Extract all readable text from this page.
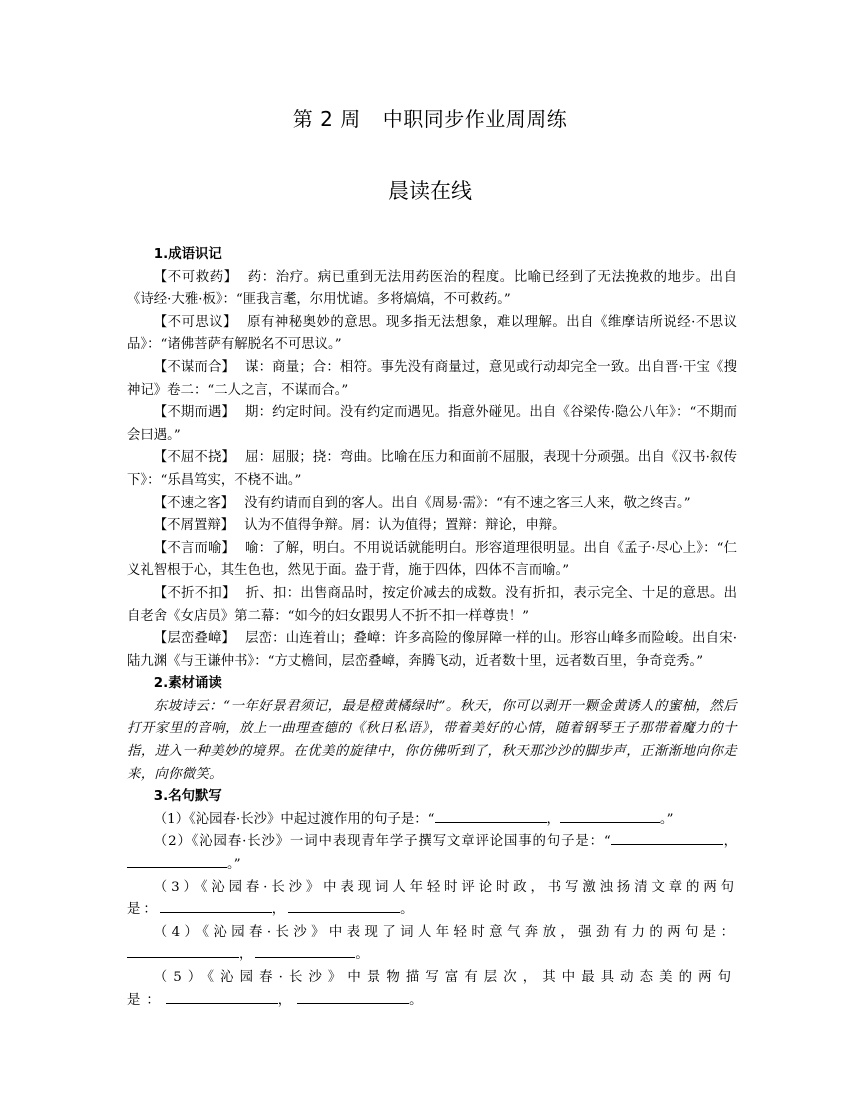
第 2 周 中职同步作业周周练
晨读在线

1.成语识记

【不可救药】 药：治疗。病已重到无法用药医治的程度。比喻已经到了无法挽救的地步。出自《诗经·大雅·板》：“匪我言耄，尔用忧谑。多将熇熇，不可救药。”

【不可思议】 原有神秘奥妙的意思。现多指无法想象，难以理解。出自《维摩诘所说经·不思议品》：“诸佛菩萨有解脱名不可思议。”

【不谋而合】 谋：商量；合：相符。事先没有商量过，意见或行动却完全一致。出自晋·干宝《搜神记》卷二：“二人之言，不谋而合。”

【不期而遇】 期：约定时间。没有约定而遇见。指意外碰见。出自《谷梁传·隐公八年》：“不期而会曰遇。”

【不屈不挠】 屈：屈服；挠：弯曲。比喻在压力和面前不屈服，表现十分顽强。出自《汉书·叙传下》：“乐昌笃实，不桡不诎。”

【不速之客】 没有约请而自到的客人。出自《周易·需》：“有不速之客三人来，敬之终吉。”

【不屑置辩】 认为不值得争辩。屑：认为值得；置辩：辩论，申辩。

【不言而喻】 喻：了解，明白。不用说话就能明白。形容道理很明显。出自《孟子·尽心上》：“仁义礼智根于心，其生色也，然见于面。盎于背，施于四体，四体不言而喻。”

【不折不扣】 折、扣：出售商品时，按定价减去的成数。没有折扣，表示完全、十足的意思。出自老舍《女店员》第二幕：“如今的妇女跟男人不折不扣一样尊贵！”

【层峦叠嶂】 层峦：山连着山；叠嶂：许多高险的像屏障一样的山。形容山峰多而险峻。出自宋·陆九渊《与王谦仲书》：“方丈檐间，层峦叠嶂，奔腾飞动，近者数十里，远者数百里，争奇竞秀。”

2.素材诵读

东坡诗云：“一年好景君须记，最是橙黄橘绿时”。秋天，你可以剥开一颗金黄诱人的蜜柚，然后打开家里的音响，放上一曲理查德的《秋日私语》，带着美好的心情，随着钢琴王子那带着魔力的十指，进入一种美妙的境界。在优美的旋律中，你仿佛听到了，秋天那沙沙的脚步声，正渐渐地向你走来，向你微笑。

3.名句默写

（1）《沁园春·长沙》中起过渡作用的句子是：“	，	。”

（2）《沁园春·长沙》一词中表现青年学子撰写文章评论国事的句子是：“	，。”

（3）《沁园春·长沙》中表现词人年轻时评论时政，书写激浊扬清文章的两句是：	，	。

（4）《沁园春·长沙》中表现了词人年轻时意气奔放，强劲有力的两句是：，	。

（5）《沁园春·长沙》中景物描写富有层次，其中最具动态美的两句是：	，	。
